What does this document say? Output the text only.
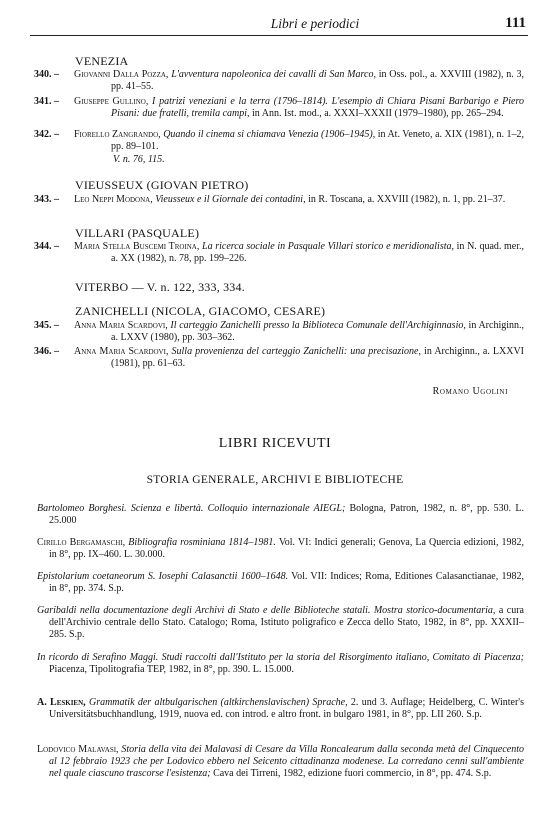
Libri e periodici	111
VENEZIA
340. –	Giovanni Dalla Pozza, L'avventura napoleonica dei cavalli di San Marco, in Oss. pol., a. XXVIII (1982), n. 3, pp. 41–55.
341. –	Giuseppe Gullino, I patrizi veneziani e la terra (1796–1814). L'esempio di Chiara Pisani Barbarigo e Piero Pisani: due fratelli, tremila campi, in Ann. Ist. mod., a. XXXI–XXXII (1979–1980), pp. 265–294.
342. –	Fiorello Zangrando, Quando il cinema si chiamava Venezia (1906–1945), in At. Veneto, a. XIX (1981), n. 1–2, pp. 89–101.
V. n. 76, 115.
VIEUSSEUX (GIOVAN PIETRO)
343. –	Leo Neppi Modona, Vieusseux e il Giornale dei contadini, in R. Toscana, a. XXVIII (1982), n. 1, pp. 21–37.
VILLARI (PASQUALE)
344. –	Maria Stella Buscemi Troina, La ricerca sociale in Pasquale Villari storico e meridionalista, in N. quad. mer., a. XX (1982), n. 78, pp. 199–226.
VITERBO — V. n. 122, 333, 334.
ZANICHELLI (NICOLA, GIACOMO, CESARE)
345. –	Anna Maria Scardovi, Il carteggio Zanichelli presso la Biblioteca Comunale dell'Archiginnasio, in Archiginn., a. LXXV (1980), pp. 303–362.
346. –	Anna Maria Scardovi, Sulla provenienza del carteggio Zanichelli: una precisazione, in Archiginn., a. LXXVI (1981), pp. 61–63.
Romano Ugolini
LIBRI RICEVUTI
STORIA GENERALE, ARCHIVI E BIBLIOTECHE
Bartolomeo Borghesi. Scienza e libertà. Colloquio internazionale AIEGL; Bologna, Patron, 1982, n. 8°, pp. 530. L. 25.000
Cirillo Bergamaschi, Bibliografia rosminiana 1814–1981. Vol. VI: Indici generali; Genova, La Quercia edizioni, 1982, in 8°, pp. IX–460. L. 30.000.
Epistolarium coetaneorum S. Iosephi Calasanctii 1600–1648. Vol. VII: Indices; Roma, Editiones Calasanctianae, 1982, in 8°, pp. 374. S.p.
Garibaldi nella documentazione degli Archivi di Stato e delle Biblioteche statali. Mostra storico-documentaria, a cura dell'Archivio centrale dello Stato. Catalogo; Roma, Istituto poligrafico e Zecca dello Stato, 1982, in 8°, pp. XXXII–285. S.p.
In ricordo di Serafino Maggi. Studi raccolti dall'Istituto per la storia del Risorgimento italiano, Comitato di Piacenza; Piacenza, Tipolitografia TEP, 1982, in 8°, pp. 390. L. 15.000.
A. Leskien, Grammatik der altbulgarischen (altkirchenslavischen) Sprache, 2. und 3. Auflage; Heidelberg, C. Winter's Universitätsbuchhandlung, 1919, nuova ed. con introd. e altro front. in bulgaro 1981, in 8°, pp. LII 260. S.p.
Lodovico Malavasi, Storia della vita dei Malavasi di Cesare da Villa Roncalearum dalla seconda metà del Cinquecento al 12 febbraio 1923 che per Lodovico ebbero nel Seicento cittadinanza modenese. La corredano cenni sull'ambiente nel quale ciascuno trascorse l'esistenza; Cava dei Tirreni, 1982, edizione fuori commercio, in 8°, pp. 474. S.p.
